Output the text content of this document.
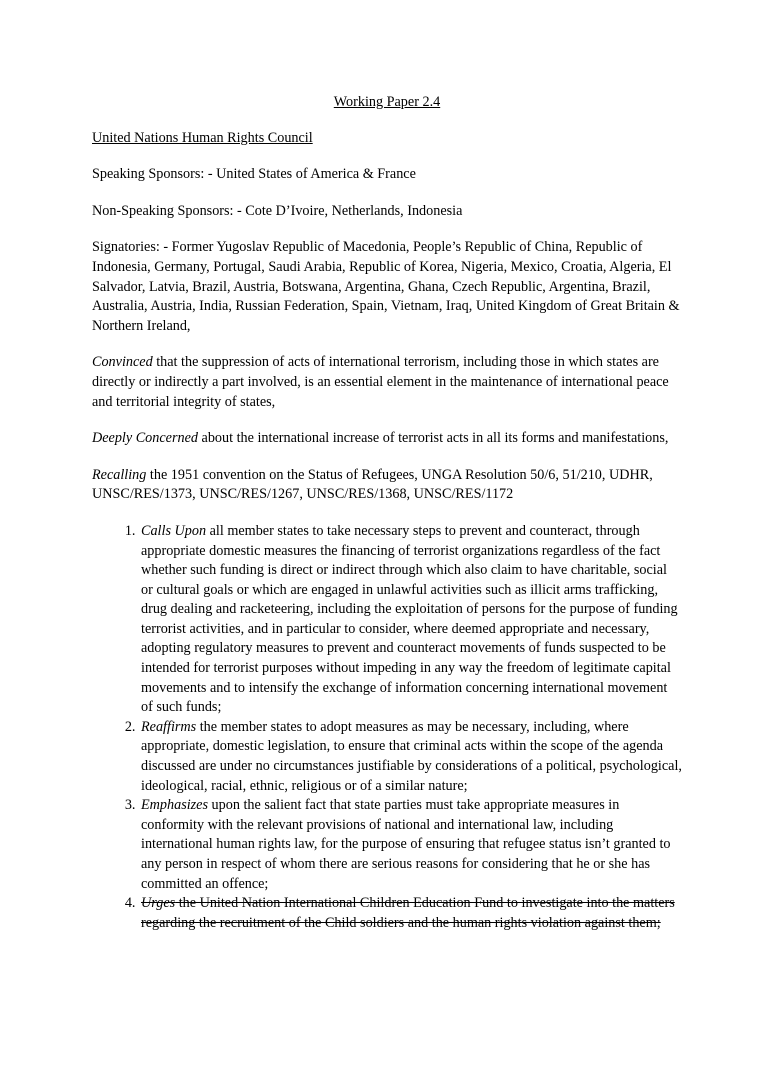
Working Paper 2.4

United Nations Human Rights Council

Speaking Sponsors: - United States of America & France

Non-Speaking Sponsors: - Cote D’Ivoire, Netherlands, Indonesia

Signatories: - Former Yugoslav Republic of Macedonia, People’s Republic of China, Republic of Indonesia, Germany, Portugal, Saudi Arabia, Republic of Korea, Nigeria, Mexico, Croatia, Algeria, El Salvador, Latvia, Brazil, Austria, Botswana, Argentina, Ghana, Czech Republic, Argentina, Brazil, Australia, Austria, India, Russian Federation, Spain, Vietnam, Iraq, United Kingdom of Great Britain & Northern Ireland,

Convinced that the suppression of acts of international terrorism, including those in which states are directly or indirectly a part involved, is an essential element in the maintenance of international peace and territorial integrity of states,

Deeply Concerned about the international increase of terrorist acts in all its forms and manifestations,

Recalling the 1951 convention on the Status of Refugees, UNGA Resolution 50/6, 51/210, UDHR, UNSC/RES/1373, UNSC/RES/1267, UNSC/RES/1368, UNSC/RES/1172

1. Calls Upon all member states to take necessary steps to prevent and counteract, through appropriate domestic measures the financing of terrorist organizations regardless of the fact whether such funding is direct or indirect through which also claim to have charitable, social or cultural goals or which are engaged in unlawful activities such as illicit arms trafficking, drug dealing and racketeering, including the exploitation of persons for the purpose of funding terrorist activities, and in particular to consider, where deemed appropriate and necessary, adopting regulatory measures to prevent and counteract movements of funds suspected to be intended for terrorist purposes without impeding in any way the freedom of legitimate capital movements and to intensify the exchange of information concerning international movement of such funds;
2. Reaffirms the member states to adopt measures as may be necessary, including, where appropriate, domestic legislation, to ensure that criminal acts within the scope of the agenda discussed are under no circumstances justifiable by considerations of a political, psychological, ideological, racial, ethnic, religious or of a similar nature;
3. Emphasizes upon the salient fact that state parties must take appropriate measures in conformity with the relevant provisions of national and international law, including international human rights law, for the purpose of ensuring that refugee status isn’t granted to any person in respect of whom there are serious reasons for considering that he or she has committed an offence;
4. Urges the United Nation International Children Education Fund to investigate into the matters regarding the recruitment of the Child soldiers and the human rights violation against them;
